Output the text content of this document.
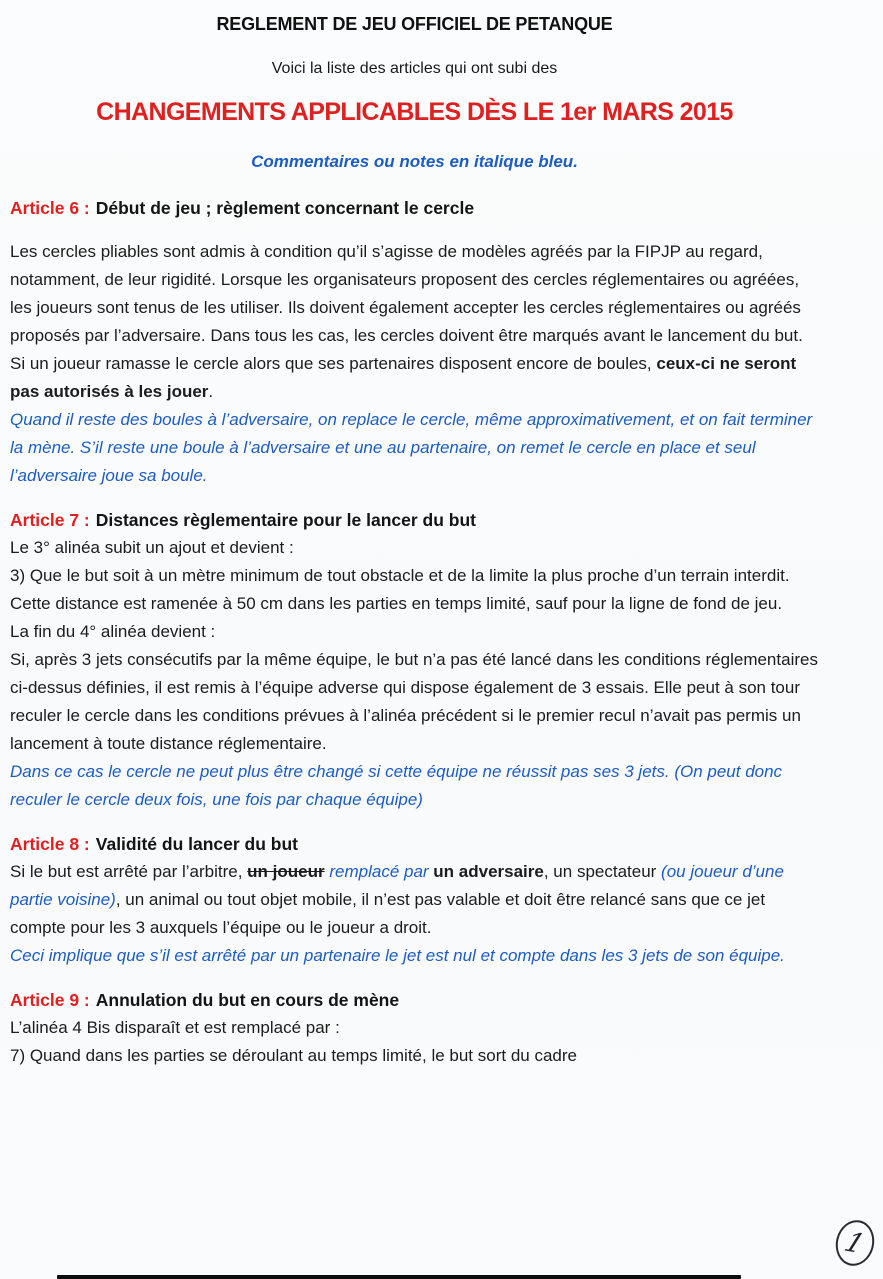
REGLEMENT DE JEU OFFICIEL DE PETANQUE

Voici la liste des articles qui ont subi des

CHANGEMENTS APPLICABLES DÈS LE 1er MARS 2015

Commentaires ou notes en italique bleu.

Article 6 : Début de jeu ; règlement concernant le cercle

Les cercles pliables sont admis à condition qu’il s’agisse de modèles agréés par la FIPJP au regard, notamment, de leur rigidité. Lorsque les organisateurs proposent des cercles réglementaires ou agréées, les joueurs sont tenus de les utiliser. Ils doivent également accepter les cercles réglementaires ou agréés proposés par l’adversaire. Dans tous les cas, les cercles doivent être marqués avant le lancement du but.

Si un joueur ramasse le cercle alors que ses partenaires disposent encore de boules, ceux-ci ne seront pas autorisés à les jouer.

Quand il reste des boules à l’adversaire, on replace le cercle, même approximativement, et on fait terminer la mène. S’il reste une boule à l’adversaire et une au partenaire, on remet le cercle en place et seul l’adversaire joue sa boule.

Article 7 : Distances règlementaire pour le lancer du but

Le 3° alinéa subit un ajout et devient :

3) Que le but soit à un mètre minimum de tout obstacle et de la limite la plus proche d’un terrain interdit. Cette distance est ramenée à 50 cm dans les parties en temps limité, sauf pour la ligne de fond de jeu.

La fin du 4° alinéa devient :

Si, après 3 jets consécutifs par la même équipe, le but n’a pas été lancé dans les conditions réglementaires ci-dessus définies, il est remis à l’équipe adverse qui dispose également de 3 essais. Elle peut à son tour reculer le cercle dans les conditions prévues à l’alinéa précédent si le premier recul n’avait pas permis un lancement à toute distance réglementaire.

Dans ce cas le cercle ne peut plus être changé si cette équipe ne réussit pas ses 3 jets. (On peut donc reculer le cercle deux fois, une fois par chaque équipe)

Article 8 : Validité du lancer du but

Si le but est arrêté par l’arbitre, un joueur remplacé par un adversaire, un spectateur (ou joueur d’une partie voisine), un animal ou tout objet mobile, il n’est pas valable et doit être relancé sans que ce jet compte pour les 3 auxquels l’équipe ou le joueur a droit.

Ceci implique que s’il est arrêté par un partenaire le jet est nul et compte dans les 3 jets de son équipe.

Article 9 : Annulation du but en cours de mène

L’alinéa 4 Bis disparaît et est remplacé par :

7) Quand dans les parties se déroulant au temps limité, le but sort du cadre

1
